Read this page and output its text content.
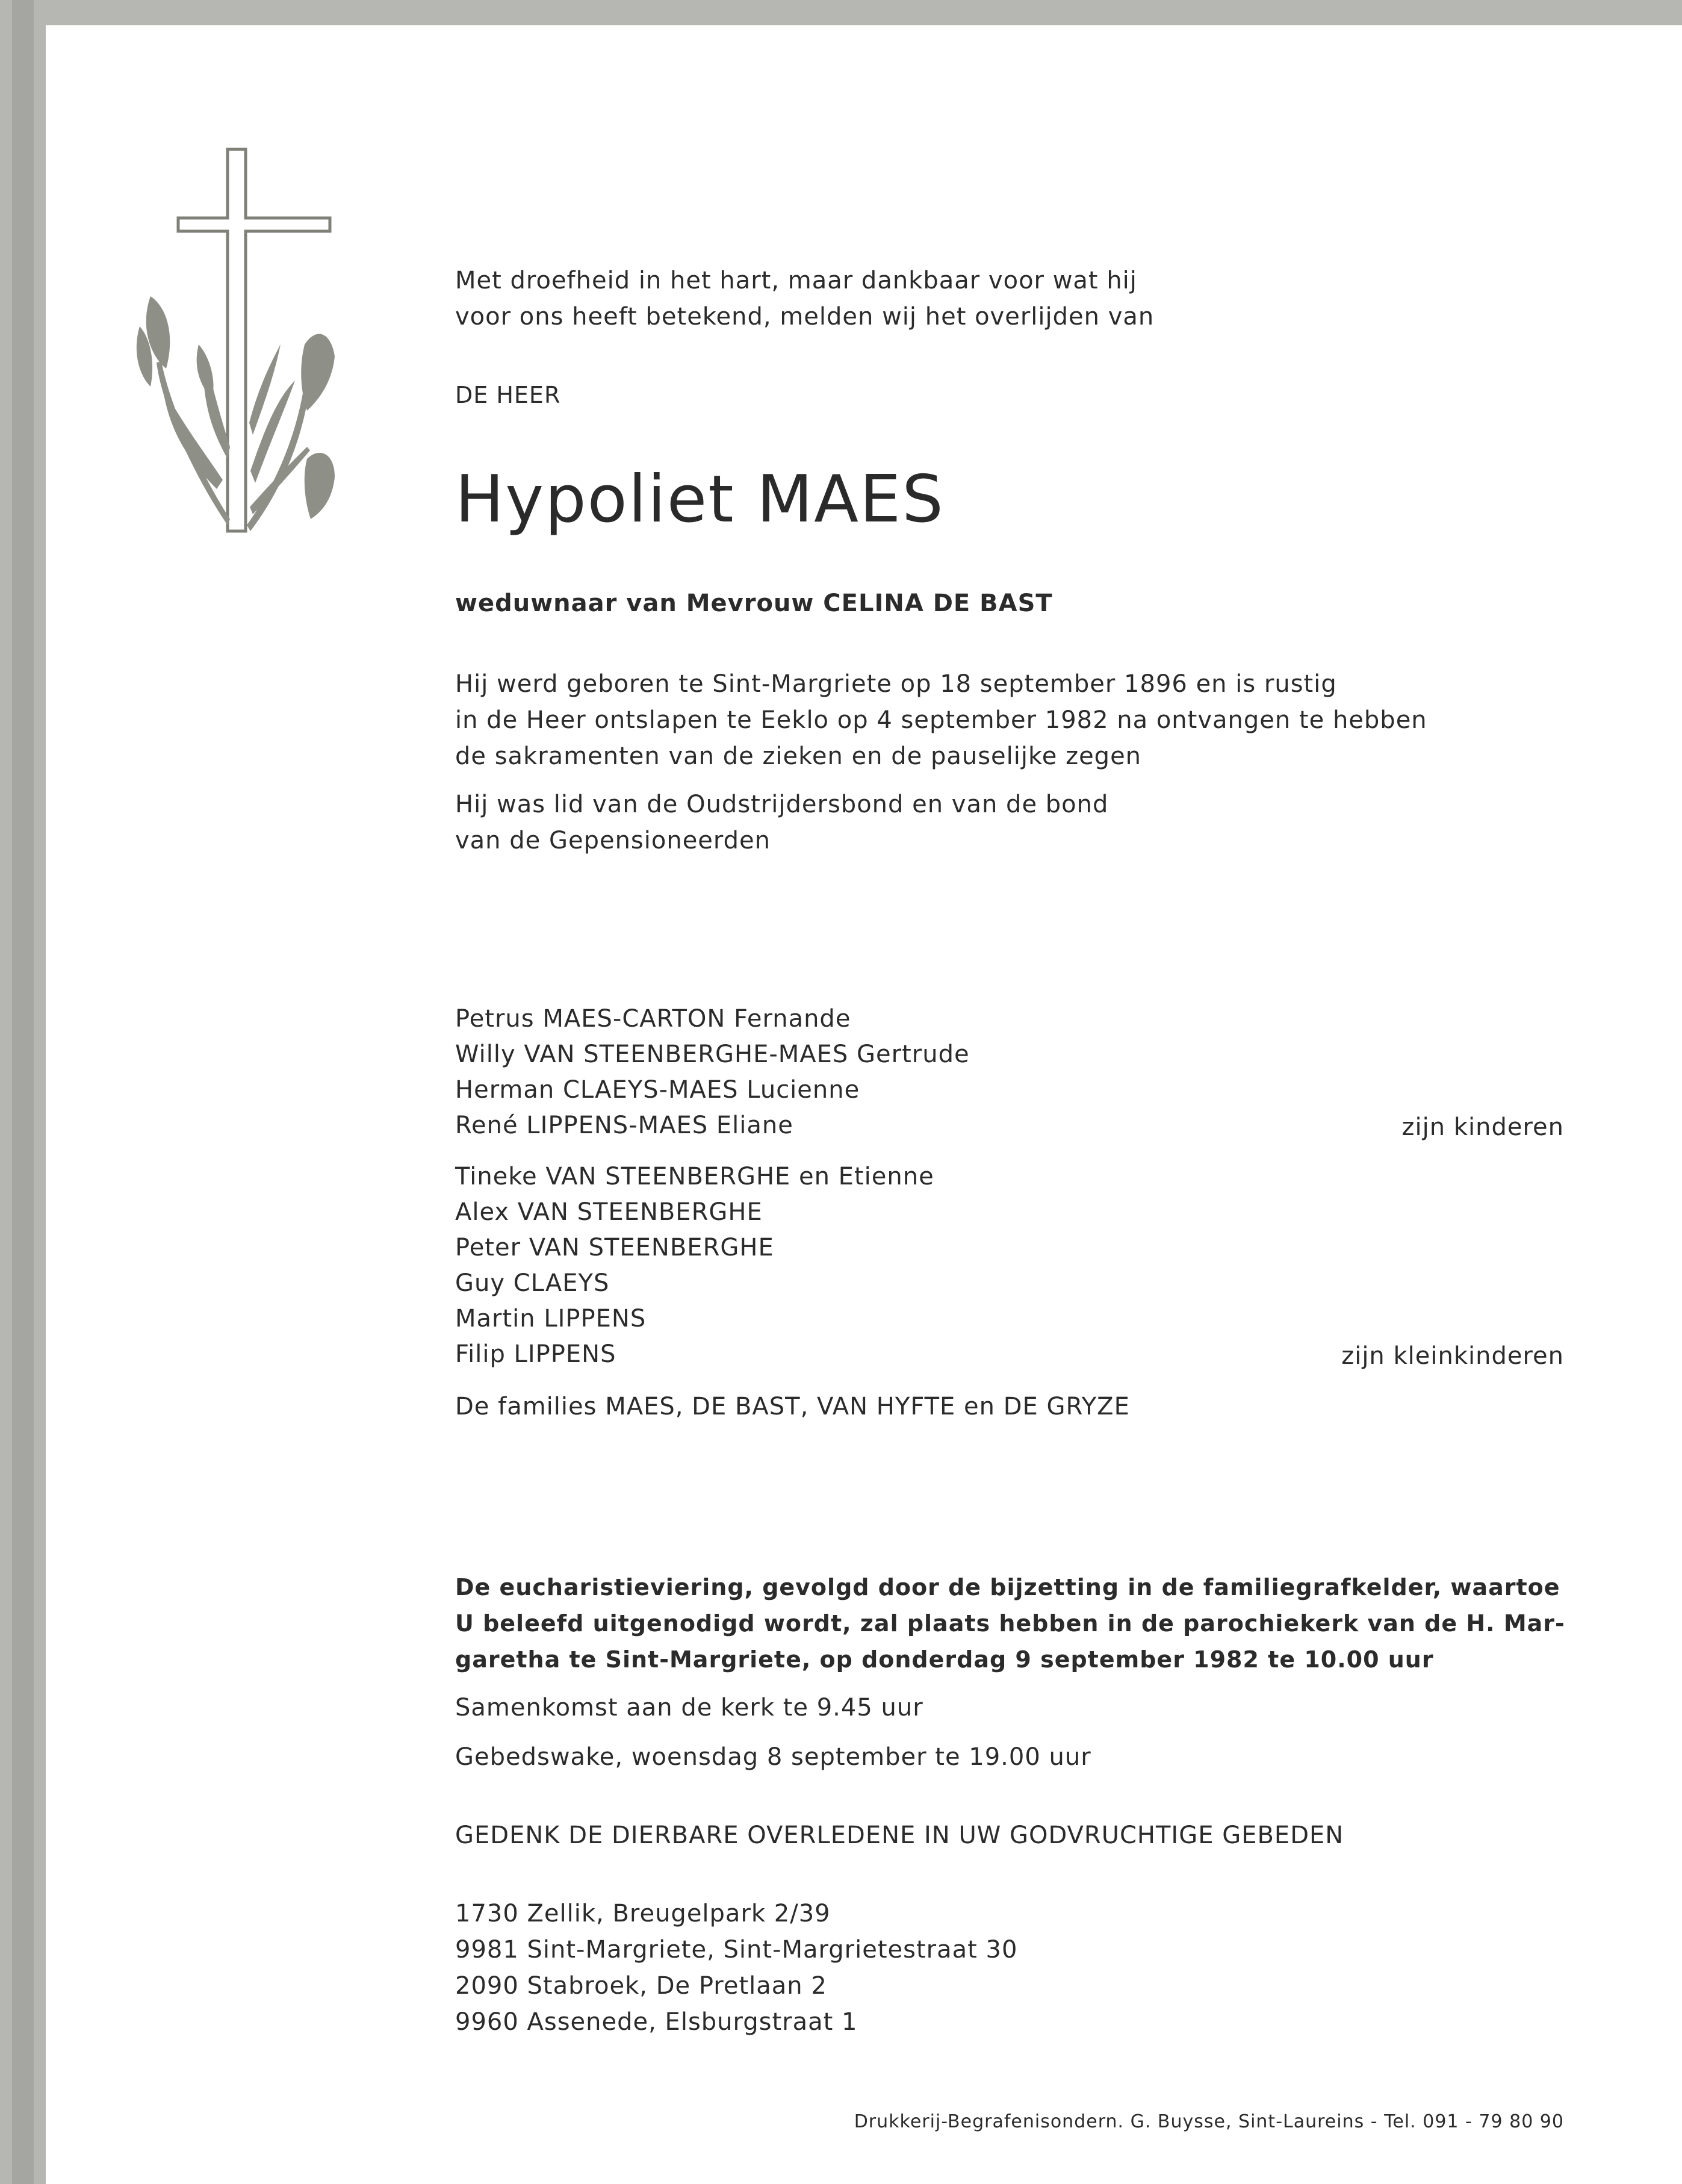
Met droefheid in het hart, maar dankbaar voor wat hij
voor ons heeft betekend, melden wij het overlijden van
DE HEER
Hypoliet MAES
weduwnaar van Mevrouw CELINA DE BAST
Hij werd geboren te Sint-Margriete op 18 september 1896 en is rustig
in de Heer ontslapen te Eeklo op 4 september 1982 na ontvangen te hebben
de sakramenten van de zieken en de pauselijke zegen
Hij was lid van de Oudstrijdersbond en van de bond
van de Gepensioneerden
Petrus MAES-CARTON Fernande
Willy VAN STEENBERGHE-MAES Gertrude
Herman CLAEYS-MAES Lucienne
René LIPPENS-MAES Eliane	zijn kinderen
Tineke VAN STEENBERGHE en Etienne
Alex VAN STEENBERGHE
Peter VAN STEENBERGHE
Guy CLAEYS
Martin LIPPENS
Filip LIPPENS	zijn kleinkinderen
De families MAES, DE BAST, VAN HYFTE en DE GRYZE
De eucharistieviering, gevolgd door de bijzetting in de familiegrafkelder, waartoe
U beleefd uitgenodigd wordt, zal plaats hebben in de parochiekerk van de H. Mar-
garetha te Sint-Margriete, op donderdag 9 september 1982 te 10.00 uur
Samenkomst aan de kerk te 9.45 uur
Gebedswake, woensdag 8 september te 19.00 uur
GEDENK DE DIERBARE OVERLEDENE IN UW GODVRUCHTIGE GEBEDEN
1730 Zellik, Breugelpark 2/39
9981 Sint-Margriete, Sint-Margrietestraat 30
2090 Stabroek, De Pretlaan 2
9960 Assenede, Elsburgstraat 1
Drukkerij-Begrafenisondern. G. Buysse, Sint-Laureins - Tel. 091 - 79 80 90
